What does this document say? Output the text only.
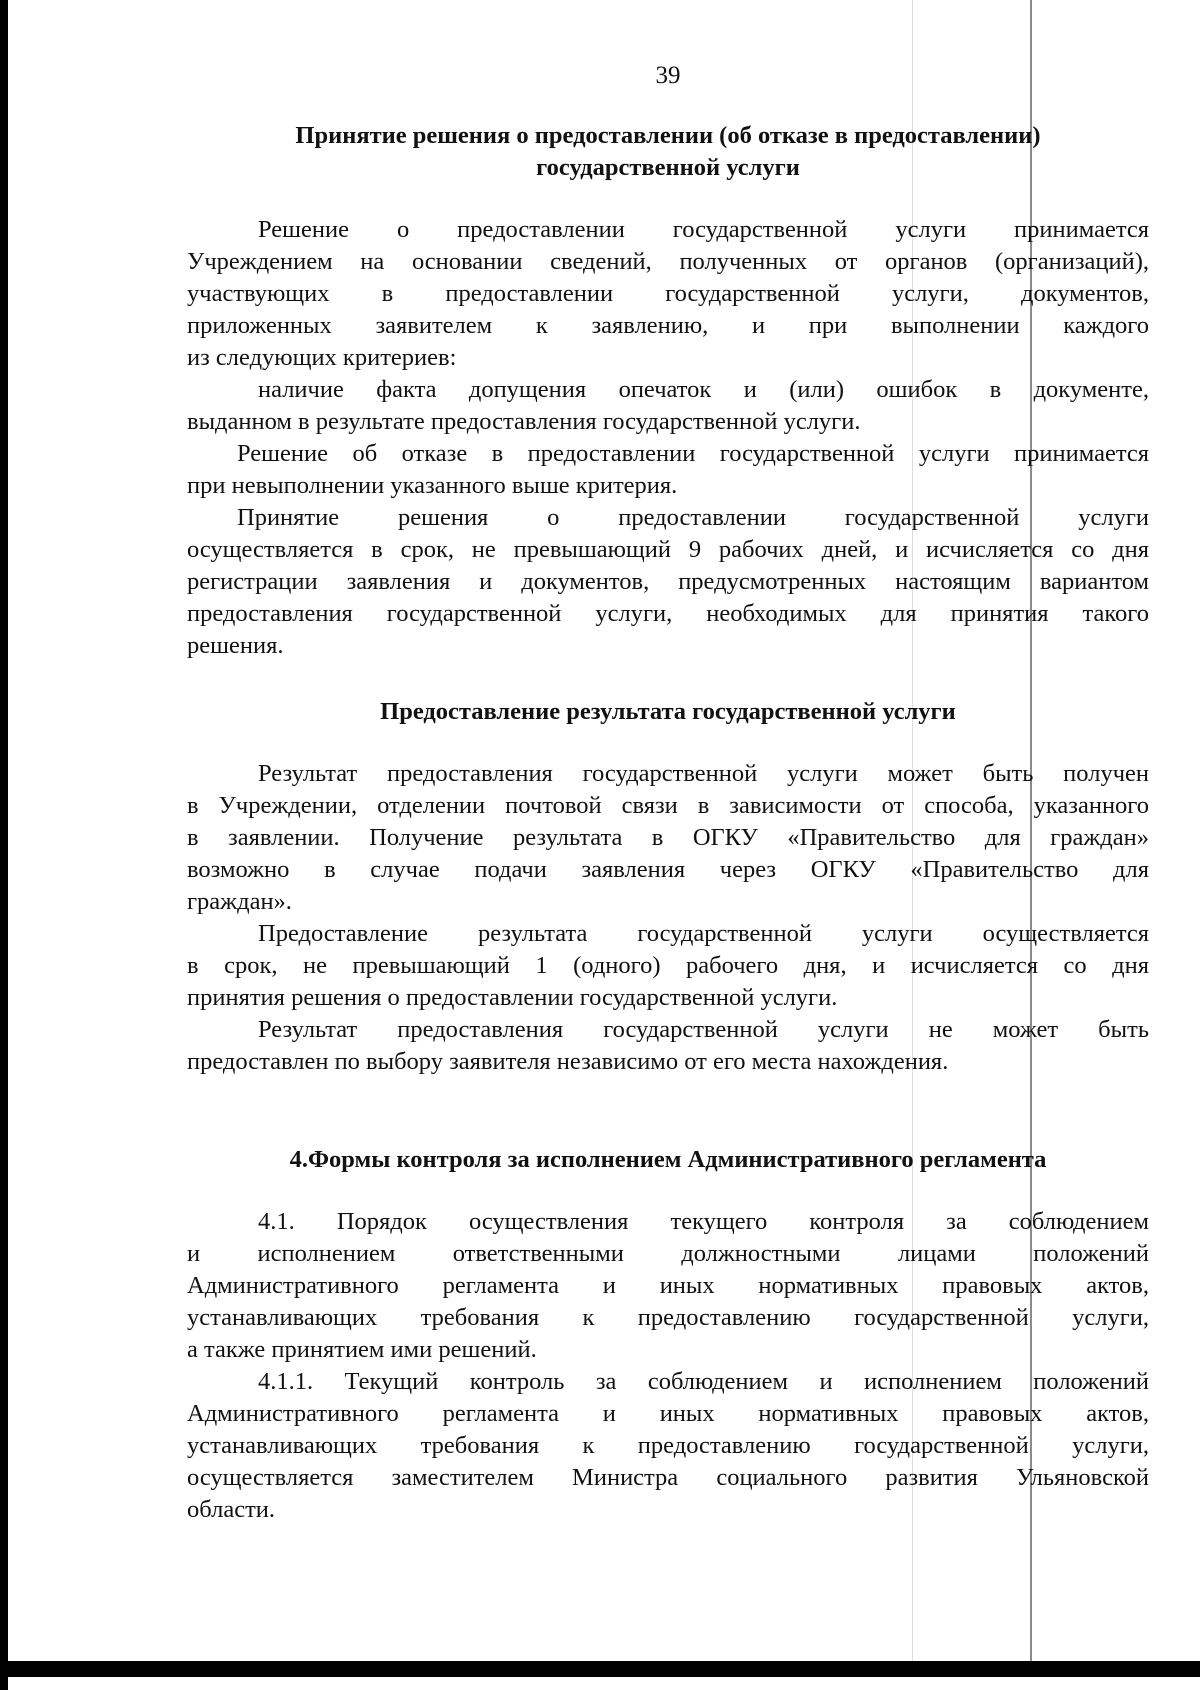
39
Принятие решения о предоставлении (об отказе в предоставлении)
государственной услуги
Решение о предоставлении государственной услуги принимается
Учреждением на основании сведений, полученных от органов (организаций),
участвующих в предоставлении государственной услуги, документов,
приложенных заявителем к заявлению, и при выполнении каждого
из следующих критериев:
наличие факта допущения опечаток и (или) ошибок в документе,
выданном в результате предоставления государственной услуги.
Решение об отказе в предоставлении государственной услуги принимается
при невыполнении указанного выше критерия.
Принятие решения о предоставлении государственной услуги
осуществляется в срок, не превышающий 9 рабочих дней, и исчисляется со дня
регистрации заявления и документов, предусмотренных настоящим вариантом
предоставления государственной услуги, необходимых для принятия такого
решения.
Предоставление результата государственной услуги
Результат предоставления государственной услуги может быть получен
в Учреждении, отделении почтовой связи в зависимости от способа, указанного
в заявлении. Получение результата в ОГКУ «Правительство для граждан»
возможно в случае подачи заявления через ОГКУ «Правительство для
граждан».
Предоставление результата государственной услуги осуществляется
в срок, не превышающий 1 (одного) рабочего дня, и исчисляется со дня
принятия решения о предоставлении государственной услуги.
Результат предоставления государственной услуги не может быть
предоставлен по выбору заявителя независимо от его места нахождения.
4.Формы контроля за исполнением Административного регламента
4.1. Порядок осуществления текущего контроля за соблюдением
и исполнением ответственными должностными лицами положений
Административного регламента и иных нормативных правовых актов,
устанавливающих требования к предоставлению государственной услуги,
а также принятием ими решений.
4.1.1. Текущий контроль за соблюдением и исполнением положений
Административного регламента и иных нормативных правовых актов,
устанавливающих требования к предоставлению государственной услуги,
осуществляется заместителем Министра социального развития Ульяновской
области.
